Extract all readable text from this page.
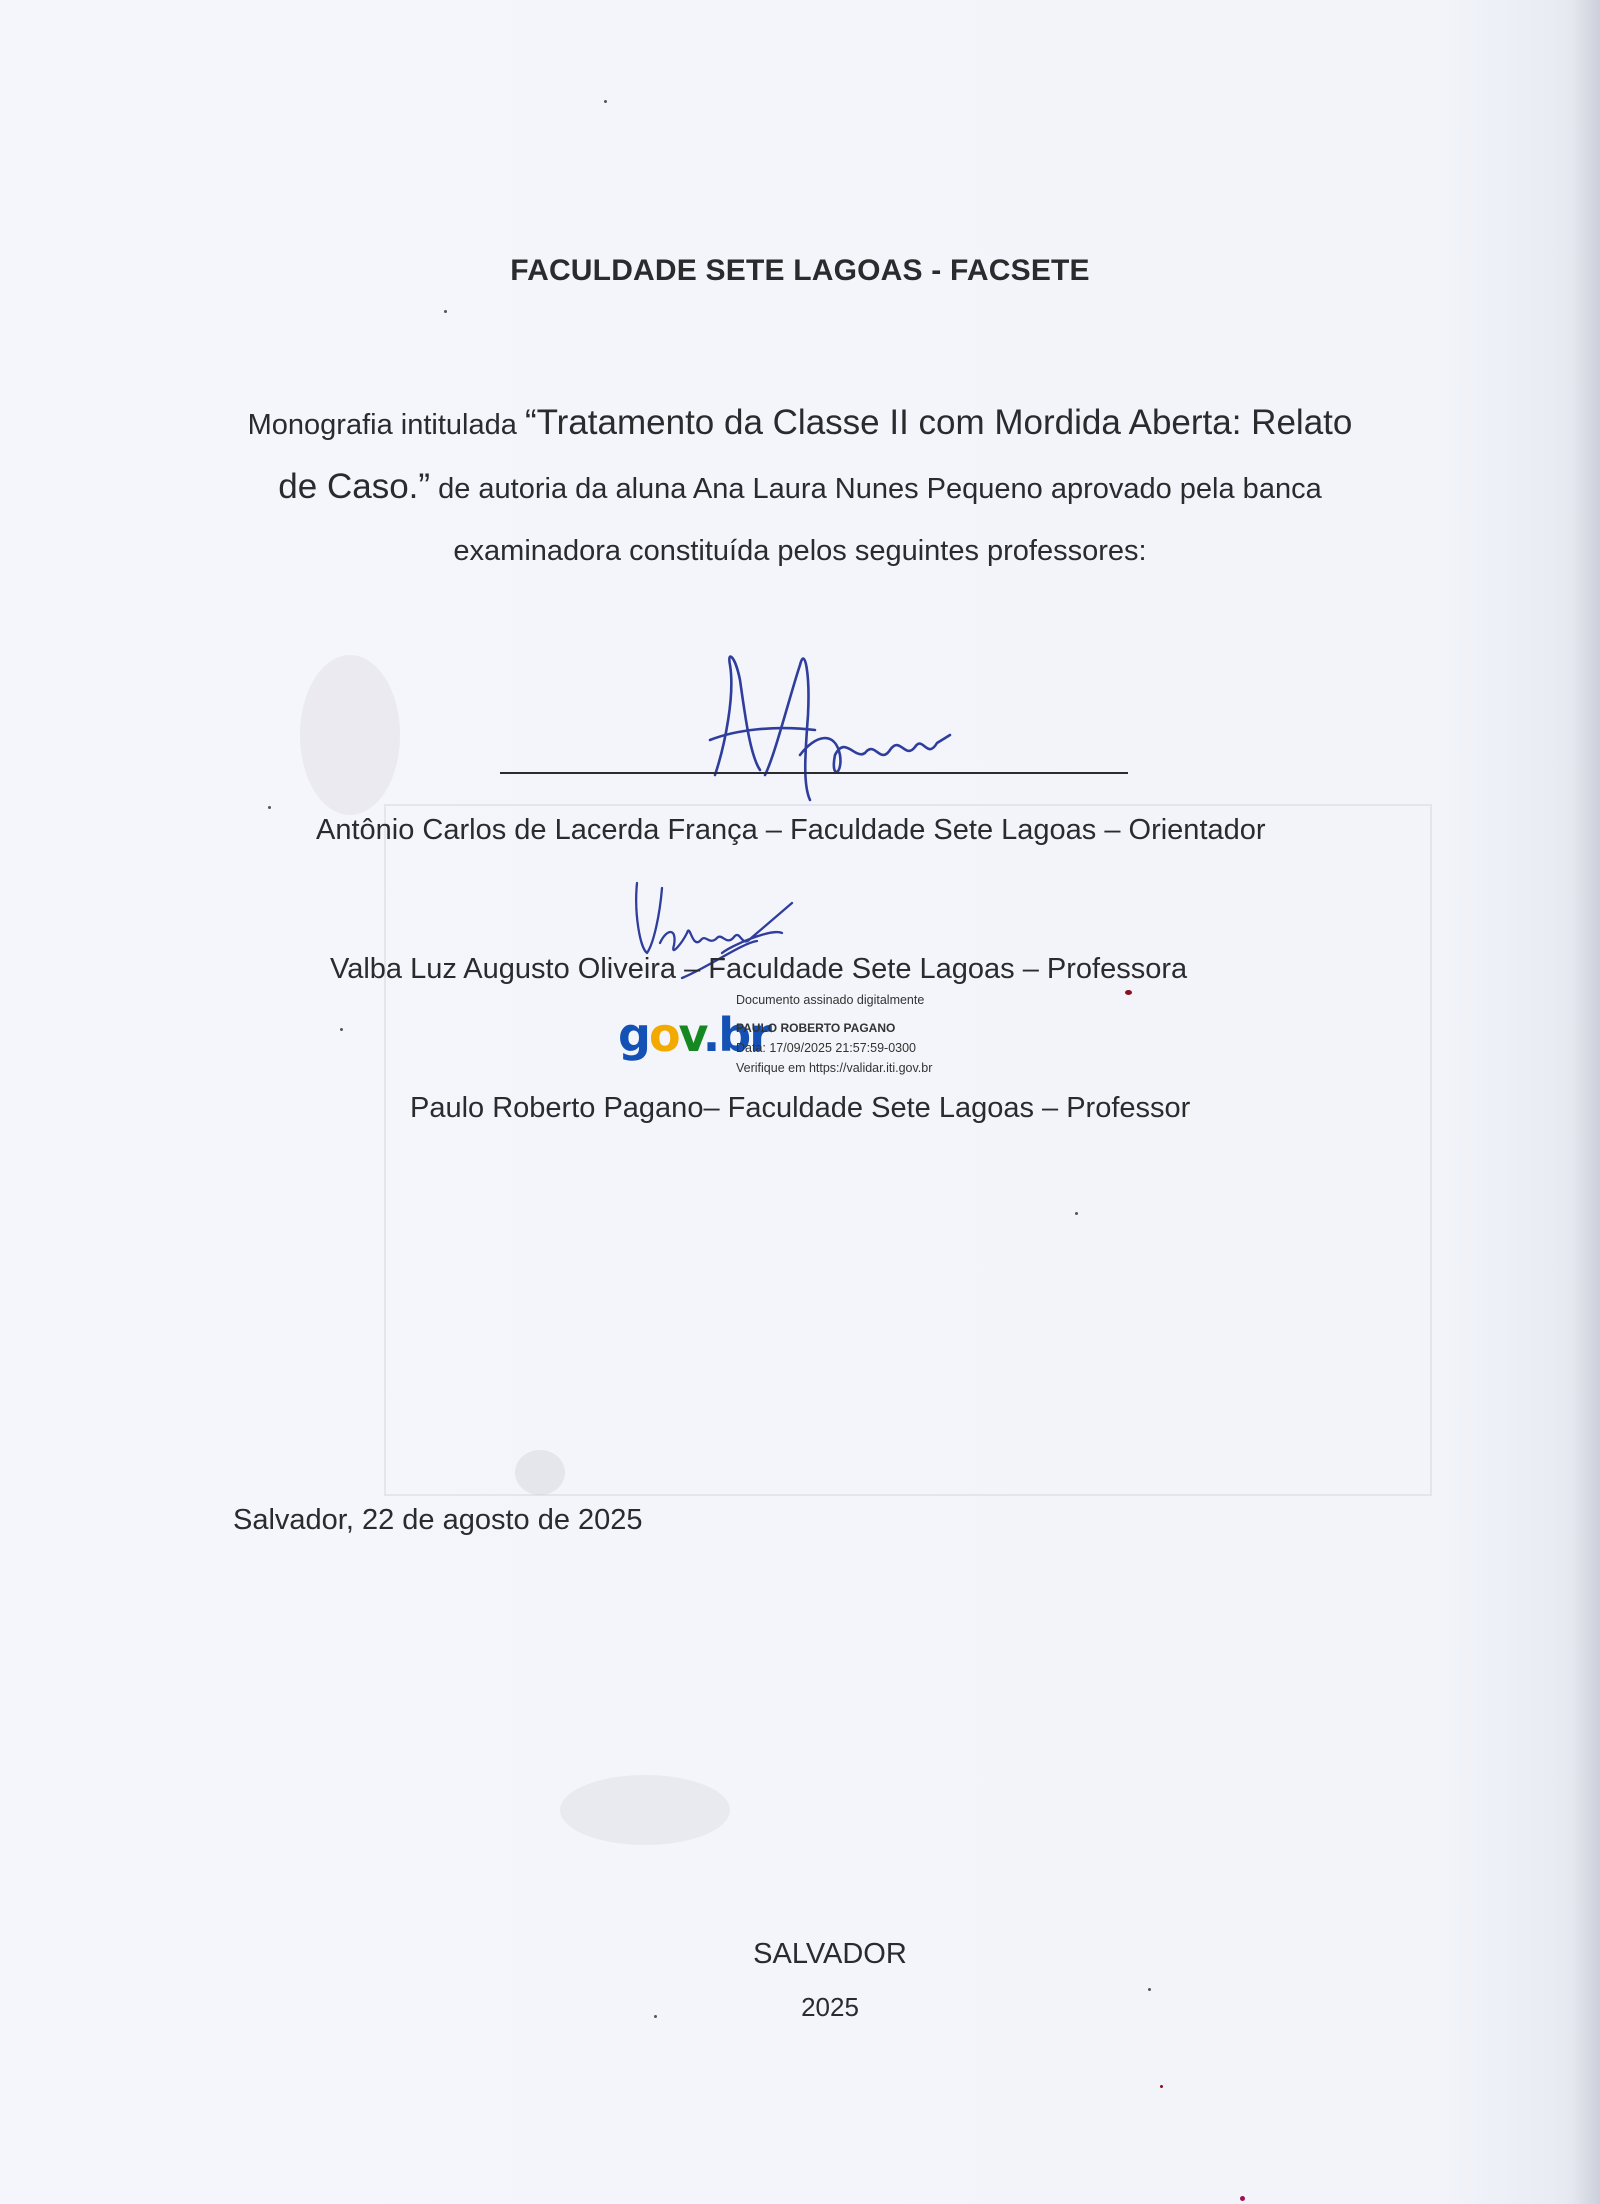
FACULDADE SETE LAGOAS - FACSETE
Monografia intitulada “Tratamento da Classe II com Mordida Aberta: Relato
de Caso.” de autoria da aluna Ana Laura Nunes Pequeno aprovado pela banca
examinadora constituída pelos seguintes professores:
Antônio Carlos de Lacerda França – Faculdade Sete Lagoas – Orientador
Valba Luz Augusto Oliveira – Faculdade Sete Lagoas – Professora
gov.br
Documento assinado digitalmente
PAULO ROBERTO PAGANO
Data: 17/09/2025 21:57:59-0300
Verifique em https://validar.iti.gov.br
Paulo Roberto Pagano– Faculdade Sete Lagoas – Professor
Salvador, 22 de agosto de 2025
SALVADOR
2025
